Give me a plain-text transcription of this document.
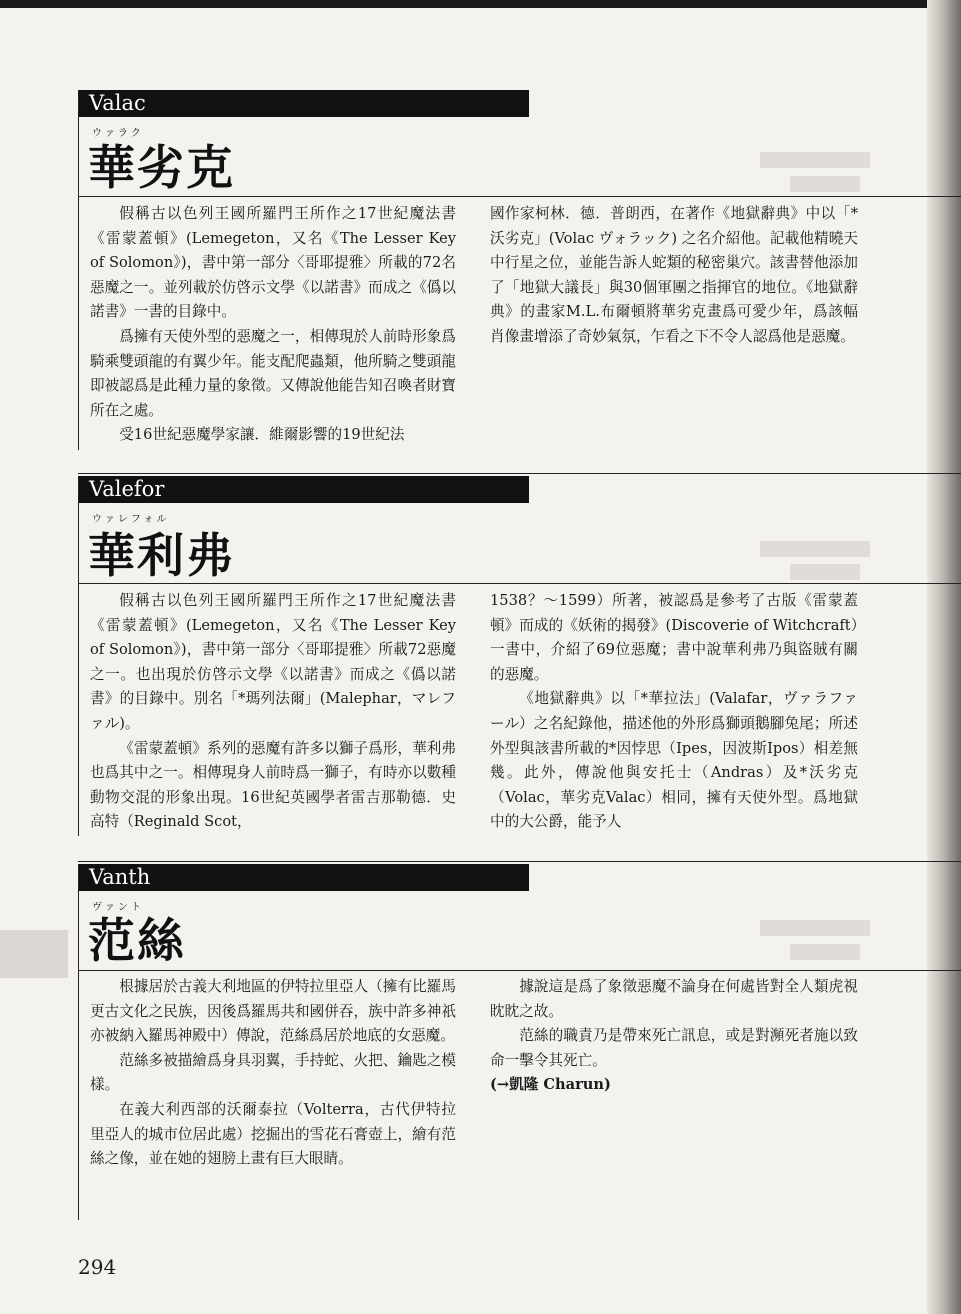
Valac
ウァラク
華劣克

假稱古以色列王國所羅門王所作之17世紀魔法書《雷蒙蓋頓》(Lemegeton，又名《The Lesser Key of Solomon》)，書中第一部分〈哥耶提雅〉所載的72名惡魔之一。並列載於仿啓示文學《以諾書》而成之《僞以諾書》一書的目錄中。

爲擁有天使外型的惡魔之一，相傳現於人前時形象爲騎乘雙頭龍的有翼少年。能支配爬蟲類，他所騎之雙頭龍即被認爲是此種力量的象徵。又傳說他能告知召喚者財寶所在之處。

受16世紀惡魔學家讓．維爾影響的19世紀法

國作家柯林．德．普朗西，在著作《地獄辭典》中以「*沃劣克」(Volac ヴォラック) 之名介紹他。記載他精曉天中行星之位，並能告訴人蛇類的秘密巢穴。該書替他添加了「地獄大議長」與30個軍團之指揮官的地位。《地獄辭典》的畫家M.L.布爾頓將華劣克畫爲可愛少年，爲該幅肖像畫增添了奇妙氣氛，乍看之下不令人認爲他是惡魔。

Valefor
ウァレフォル
華利弗

假稱古以色列王國所羅門王所作之17世紀魔法書《雷蒙蓋頓》(Lemegeton，又名《The Lesser Key of Solomon》)，書中第一部分〈哥耶提雅〉所載72惡魔之一。也出現於仿啓示文學《以諾書》而成之《僞以諾書》的目錄中。別名「*瑪列法爾」(Malephar，マレファル)。

《雷蒙蓋頓》系列的惡魔有許多以獅子爲形，華利弗也爲其中之一。相傳現身人前時爲一獅子，有時亦以數種動物交混的形象出現。16世紀英國學者雷吉那勒德．史高特（Reginald Scot，

1538？～1599）所著，被認爲是參考了古版《雷蒙蓋頓》而成的《妖術的揭發》(Discoverie of Witchcraft）一書中，介紹了69位惡魔；書中說華利弗乃與盜賊有關的惡魔。

《地獄辭典》以「*華拉法」(Valafar，ヴァラファール）之名紀錄他，描述他的外形爲獅頭鵝腳兔尾；所述外型與該書所載的*因悖思（Ipes，因波斯Ipos）相差無幾。此外，傳說他與安托士（Andras）及*沃劣克（Volac，華劣克Valac）相同，擁有天使外型。爲地獄中的大公爵，能予人

Vanth
ヴァント
范絲

根據居於古義大利地區的伊特拉里亞人（擁有比羅馬更古文化之民族，因後爲羅馬共和國併吞，族中許多神祇亦被納入羅馬神殿中）傳說，范絲爲居於地底的女惡魔。

范絲多被描繪爲身具羽翼，手持蛇、火把、鑰匙之模樣。

在義大利西部的沃爾泰拉（Volterra，古代伊特拉里亞人的城市位居此處）挖掘出的雪花石膏壺上，繪有范絲之像，並在她的翅膀上畫有巨大眼睛。

據說這是爲了象徵惡魔不論身在何處皆對全人類虎視眈眈之故。

范絲的職責乃是帶來死亡訊息，或是對瀕死者施以致命一擊令其死亡。

(→凱隆 Charun)

294
